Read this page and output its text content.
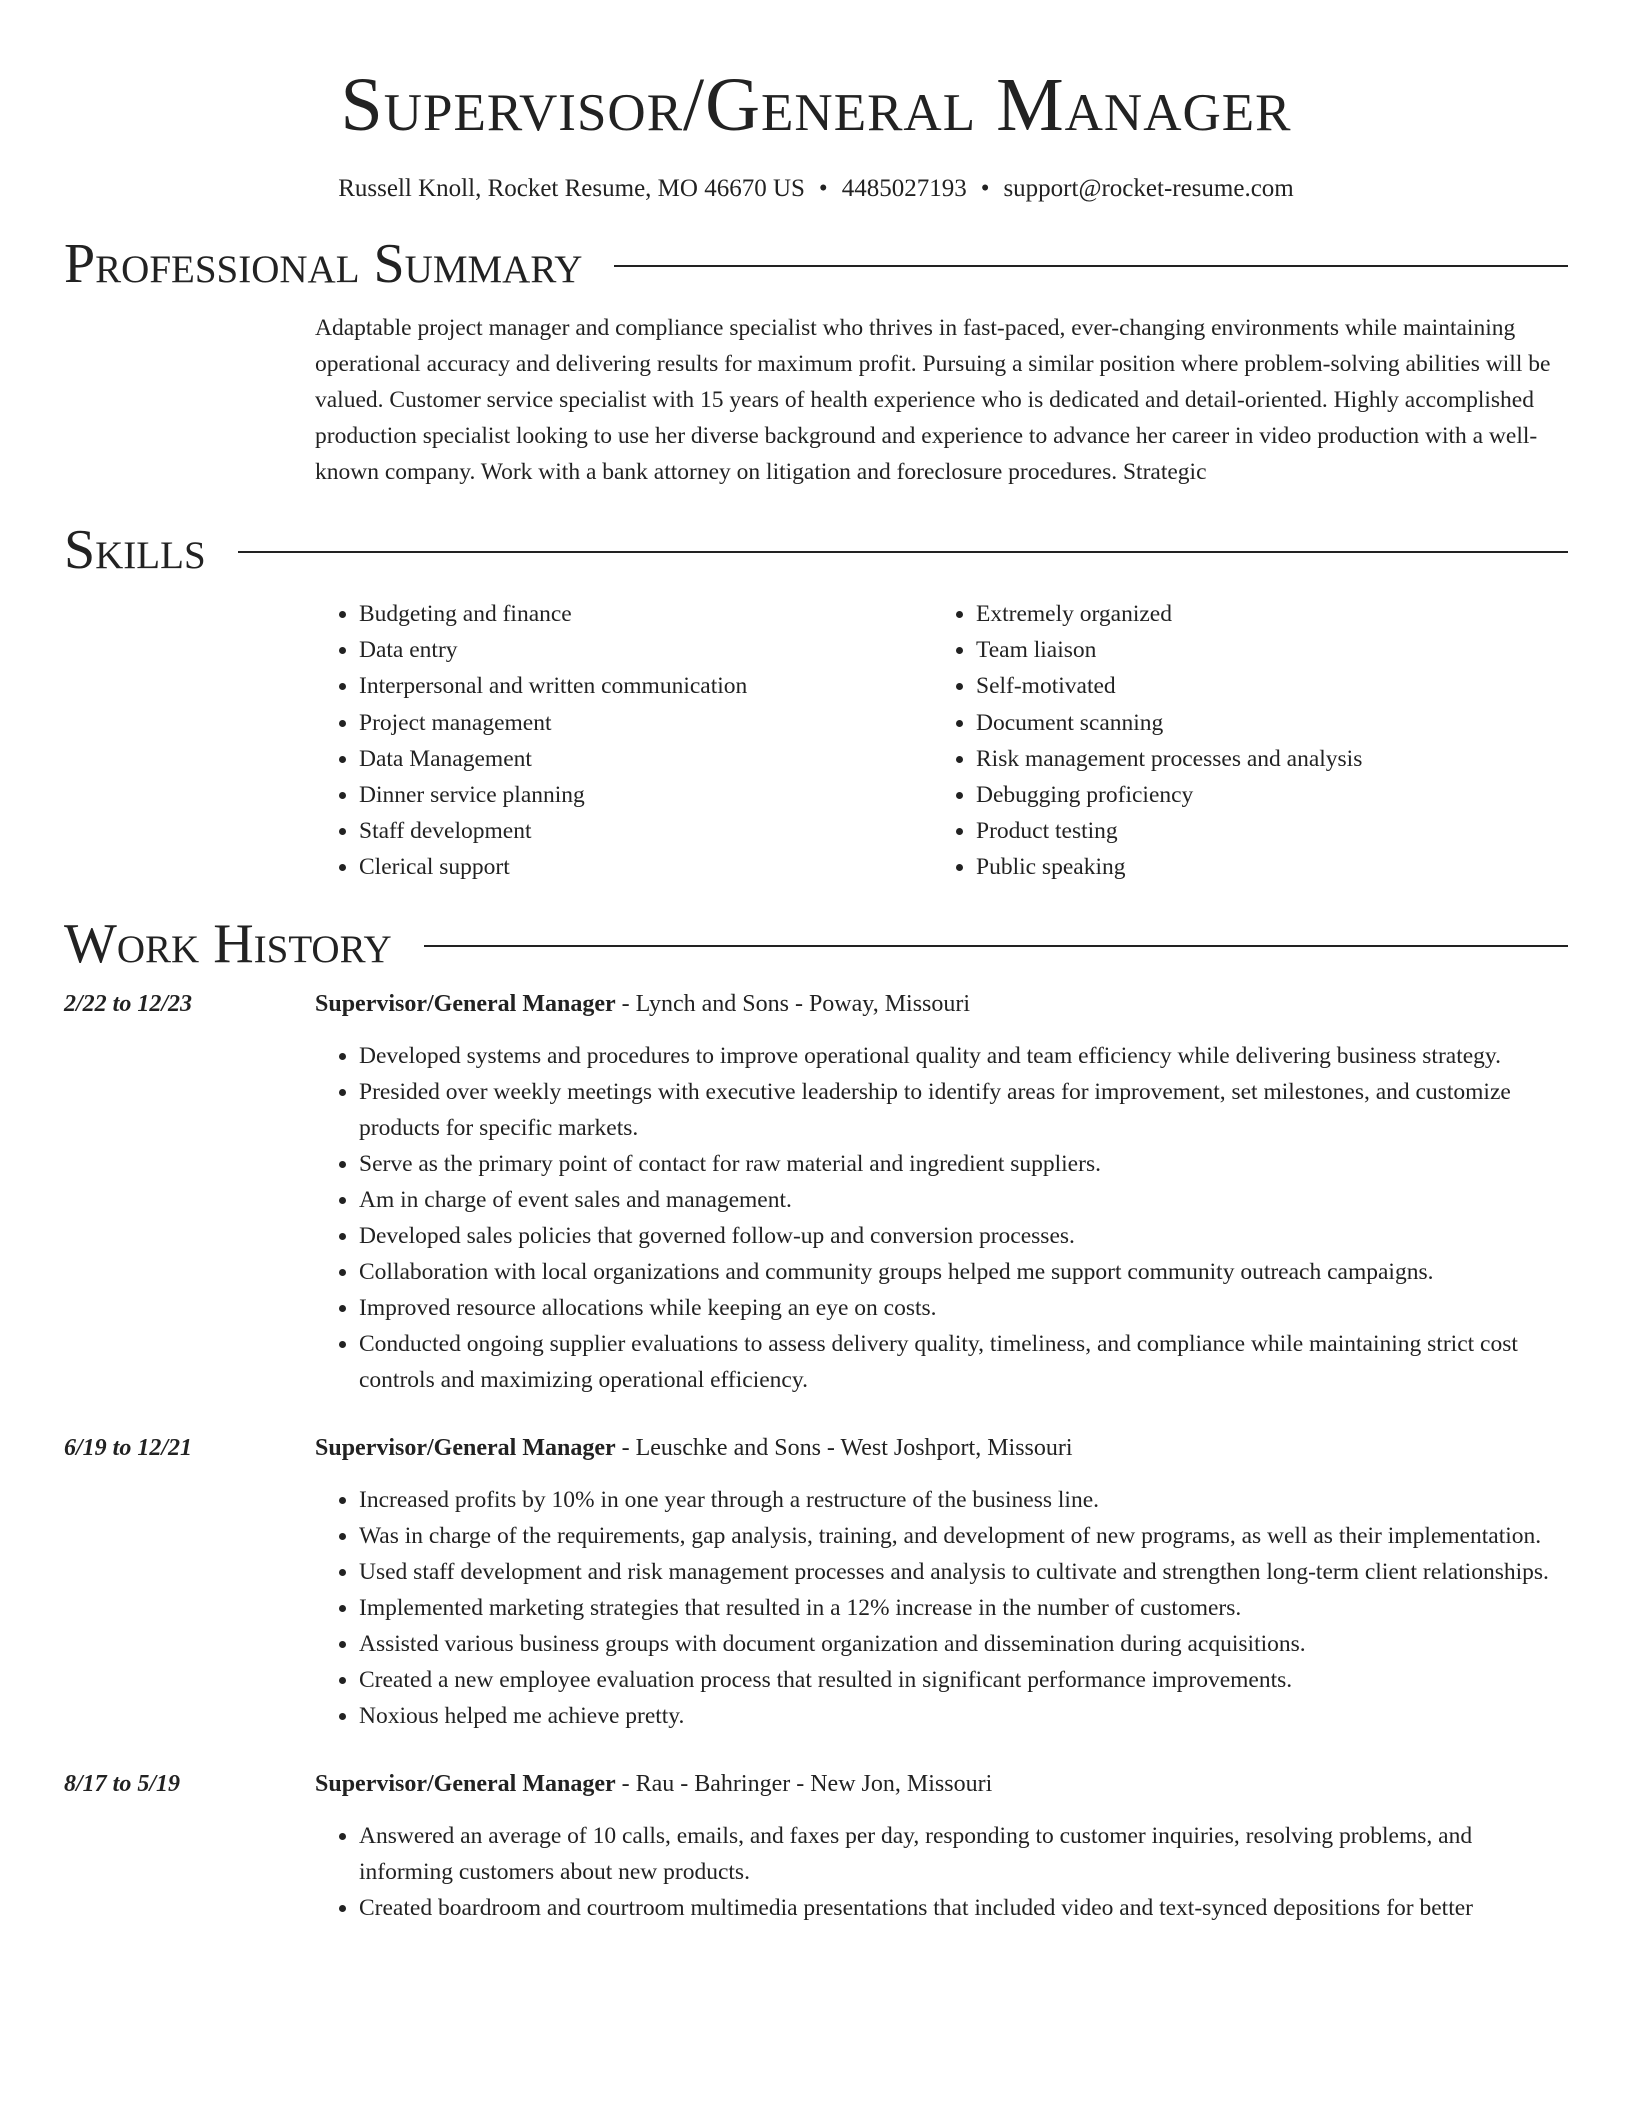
Supervisor/General Manager
Russell Knoll, Rocket Resume, MO 46670 US • 4485027193 • support@rocket-resume.com
Professional Summary

Adaptable project manager and compliance specialist who thrives in fast-paced, ever-changing environments while maintaining operational accuracy and delivering results for maximum profit. Pursuing a similar position where problem-solving abilities will be valued. Customer service specialist with 15 years of health experience who is dedicated and detail-oriented. Highly accomplished production specialist looking to use her diverse background and experience to advance her career in video production with a well-known company. Work with a bank attorney on litigation and foreclosure procedures. Strategic

Skills
• Budgeting and finance
• Data entry
• Interpersonal and written communication
• Project management
• Data Management
• Dinner service planning
• Staff development
• Clerical support
• Extremely organized
• Team liaison
• Self-motivated
• Document scanning
• Risk management processes and analysis
• Debugging proficiency
• Product testing
• Public speaking
Work History
2/22 to 12/23	Supervisor/General Manager - Lynch and Sons - Poway, Missouri
• Developed systems and procedures to improve operational quality and team efficiency while delivering business strategy.
• Presided over weekly meetings with executive leadership to identify areas for improvement, set milestones, and customize products for specific markets.
• Serve as the primary point of contact for raw material and ingredient suppliers.
• Am in charge of event sales and management.
• Developed sales policies that governed follow-up and conversion processes.
• Collaboration with local organizations and community groups helped me support community outreach campaigns.
• Improved resource allocations while keeping an eye on costs.
• Conducted ongoing supplier evaluations to assess delivery quality, timeliness, and compliance while maintaining strict cost controls and maximizing operational efficiency.
6/19 to 12/21	Supervisor/General Manager - Leuschke and Sons - West Joshport, Missouri
• Increased profits by 10% in one year through a restructure of the business line.
• Was in charge of the requirements, gap analysis, training, and development of new programs, as well as their implementation.
• Used staff development and risk management processes and analysis to cultivate and strengthen long-term client relationships.
• Implemented marketing strategies that resulted in a 12% increase in the number of customers.
• Assisted various business groups with document organization and dissemination during acquisitions.
• Created a new employee evaluation process that resulted in significant performance improvements.
• Noxious helped me achieve pretty.
8/17 to 5/19	Supervisor/General Manager - Rau - Bahringer - New Jon, Missouri
• Answered an average of 10 calls, emails, and faxes per day, responding to customer inquiries, resolving problems, and informing customers about new products.
• Created boardroom and courtroom multimedia presentations that included video and text-synced depositions for better
